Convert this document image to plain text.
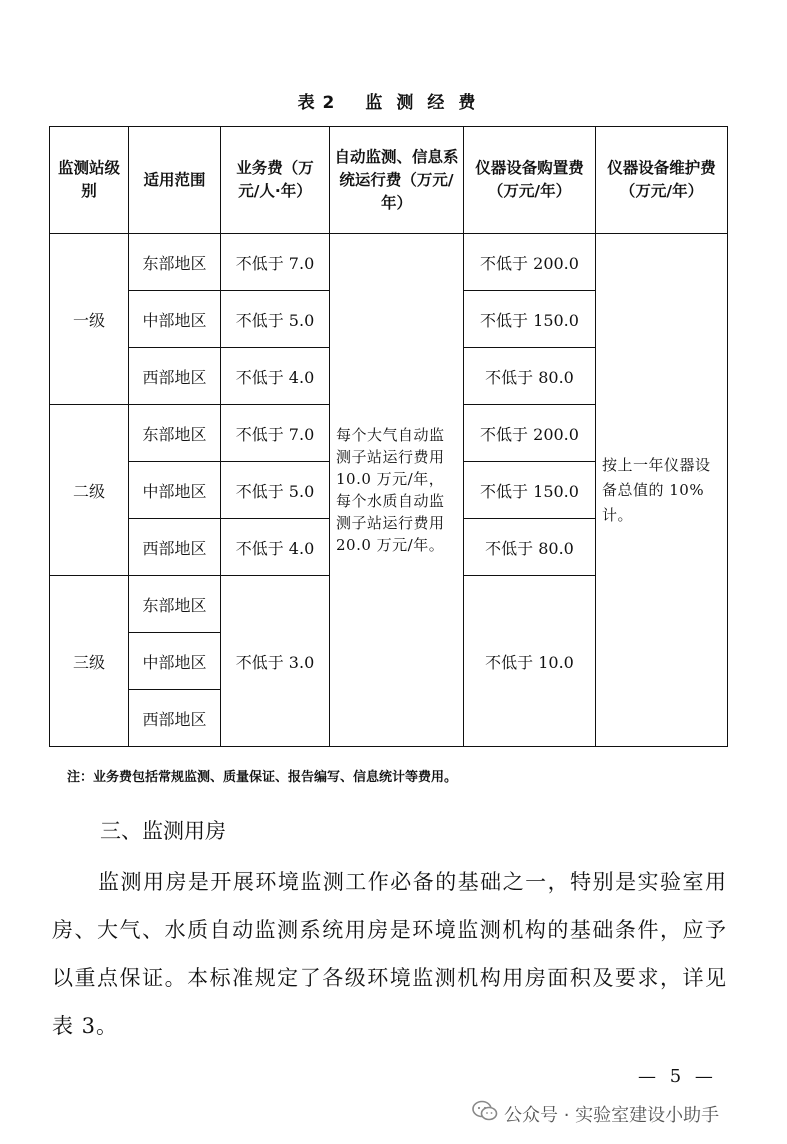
表 2 监测经费
监测站级　别	适用范围	业务费（万元/人·年）	自动监测、信息系统运行费（万元/年）	仪器设备购置费（万元/年）	仪器设备维护费（万元/年）
一级	东部地区	不低于 7.0	每个大气自动监测子站运行费用10.0 万元/年，每个水质自动监测子站运行费用20.0 万元/年。	不低于 200.0	按上一年仪器设备总值的 10%计。
	中部地区	不低于 5.0		不低于 150.0	
	西部地区	不低于 4.0		不低于 80.0	
二级	东部地区	不低于 7.0		不低于 200.0	
	中部地区	不低于 5.0		不低于 150.0	
	西部地区	不低于 4.0		不低于 80.0	
三级	东部地区	不低于 3.0		不低于 10.0	
	中部地区				
	西部地区				
注：业务费包括常规监测、质量保证、报告编写、信息统计等费用。
三、监测用房
监测用房是开展环境监测工作必备的基础之一，特别是实验室用房、大气、水质自动监测系统用房是环境监测机构的基础条件，应予以重点保证。本标准规定了各级环境监测机构用房面积及要求，详见表 3。
— 5 —
公众号 · 实验室建设小助手
